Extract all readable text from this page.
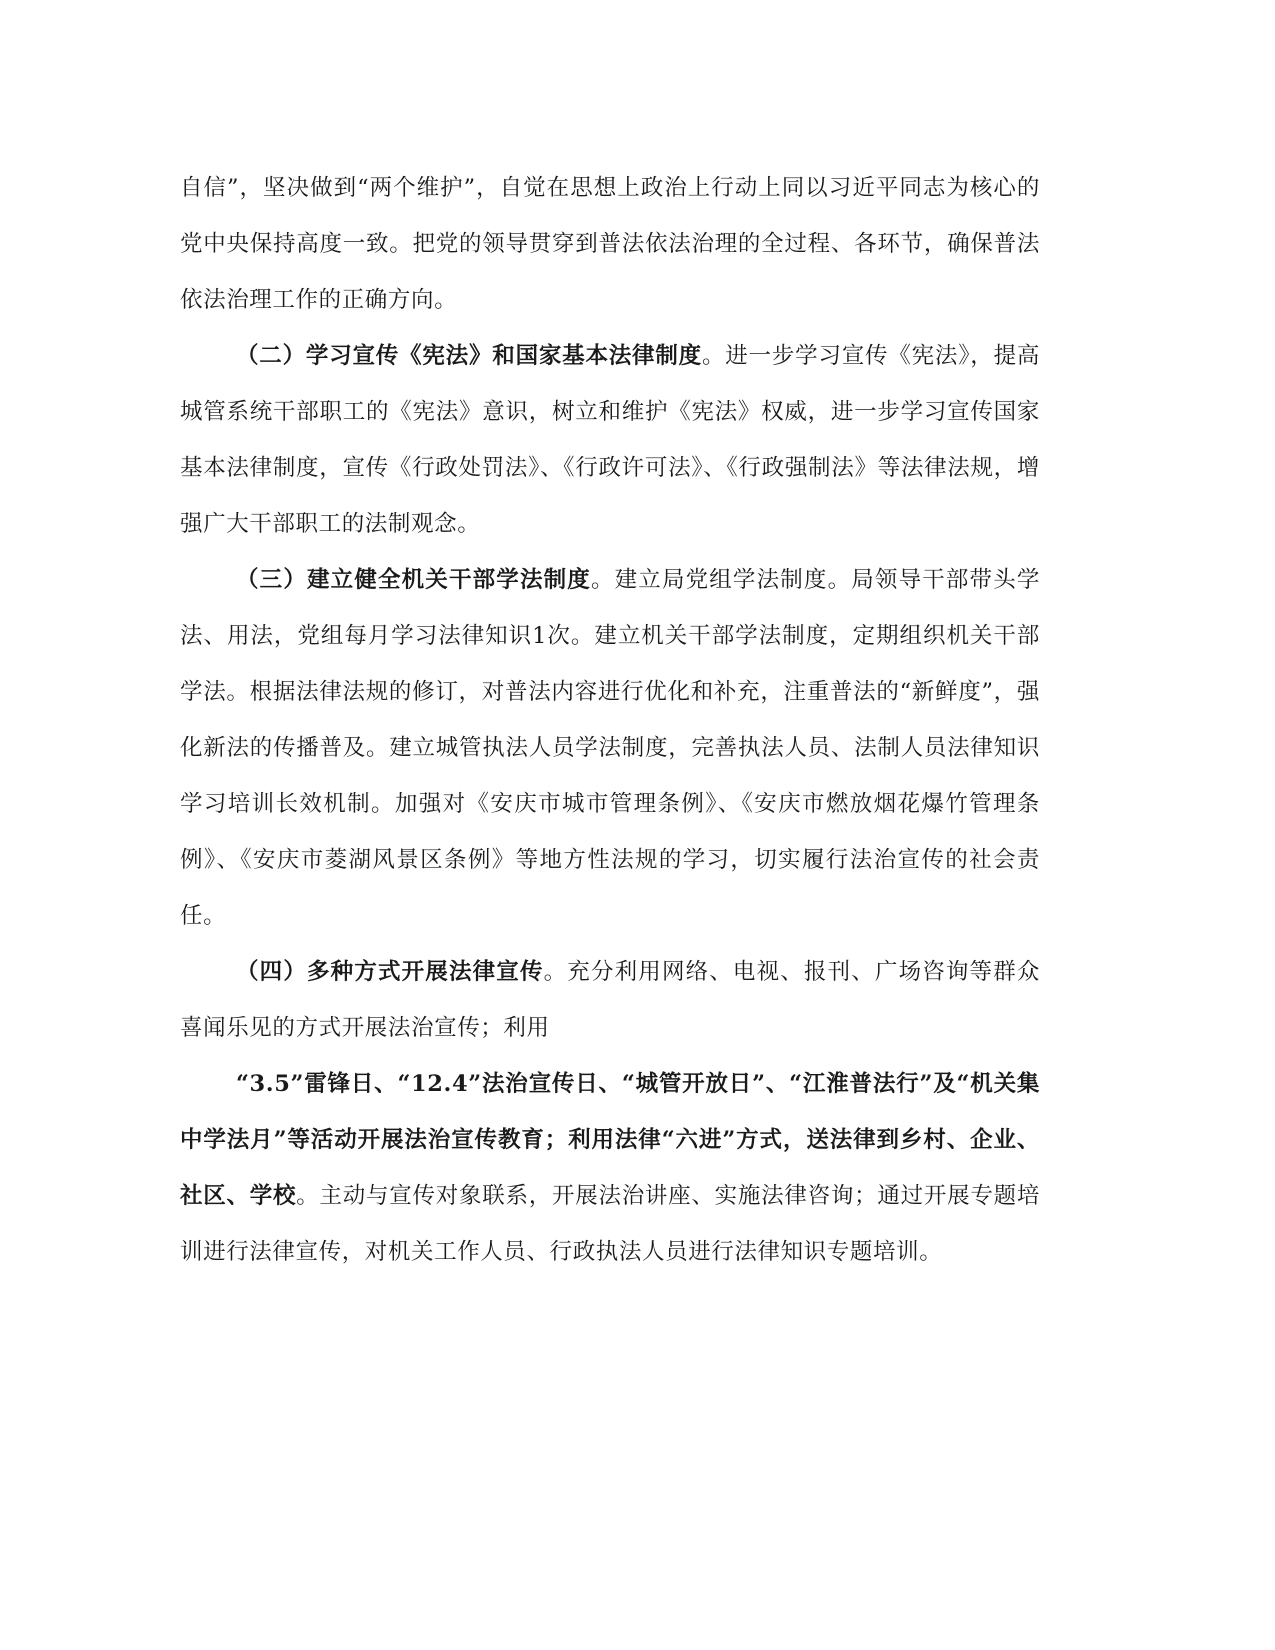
自信”，坚决做到“两个维护”，自觉在思想上政治上行动上同以习近平同志为核心的党中央保持高度一致。把党的领导贯穿到普法依法治理的全过程、各环节，确保普法依法治理工作的正确方向。

（二）学习宣传《宪法》和国家基本法律制度。进一步学习宣传《宪法》，提高城管系统干部职工的《宪法》意识，树立和维护《宪法》权威，进一步学习宣传国家基本法律制度，宣传《行政处罚法》、《行政许可法》、《行政强制法》等法律法规，增强广大干部职工的法制观念。

（三）建立健全机关干部学法制度。建立局党组学法制度。局领导干部带头学法、用法，党组每月学习法律知识1次。建立机关干部学法制度，定期组织机关干部学法。根据法律法规的修订，对普法内容进行优化和补充，注重普法的“新鲜度”，强化新法的传播普及。建立城管执法人员学法制度，完善执法人员、法制人员法律知识学习培训长效机制。加强对《安庆市城市管理条例》、《安庆市燃放烟花爆竹管理条例》、《安庆市菱湖风景区条例》等地方性法规的学习，切实履行法治宣传的社会责任。

（四）多种方式开展法律宣传。充分利用网络、电视、报刊、广场咨询等群众喜闻乐见的方式开展法治宣传；利用

“3.5”雷锋日、“12.4”法治宣传日、“城管开放日”、“江淮普法行”及“机关集中学法月”等活动开展法治宣传教育；利用法律“六进”方式，送法律到乡村、企业、社区、学校。主动与宣传对象联系，开展法治讲座、实施法律咨询；通过开展专题培训进行法律宣传，对机关工作人员、行政执法人员进行法律知识专题培训。
